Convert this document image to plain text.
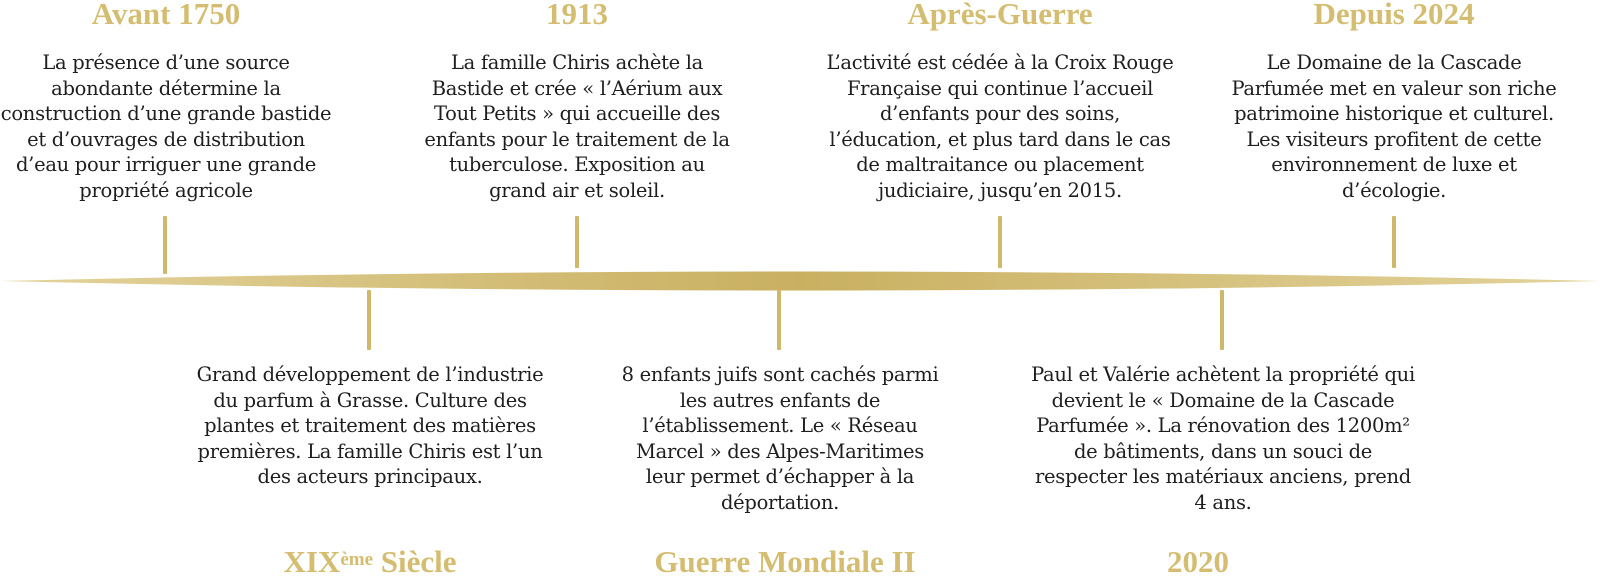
Avant 1750	1913	Après-Guerre	Depuis 2024
La présence d’une source abondante détermine la construction d’une grande bastide et d’ouvrages de distribution d’eau pour irriguer une grande propriété agricole
La famille Chiris achète la Bastide et crée « l’Aérium aux Tout Petits » qui accueille des enfants pour le traitement de la tuberculose. Exposition au grand air et soleil.
L’activité est cédée à la Croix Rouge Française qui continue l’accueil d’enfants pour des soins, l’éducation, et plus tard dans le cas de maltraitance ou placement judiciaire, jusqu’en 2015.
Le Domaine de la Cascade Parfumée met en valeur son riche patrimoine historique et culturel. Les visiteurs profitent de cette environnement de luxe et d’écologie.
Grand développement de l’industrie du parfum à Grasse. Culture des plantes et traitement des matières premières. La famille Chiris est l’un des acteurs principaux.
8 enfants juifs sont cachés parmi les autres enfants de l’établissement. Le « Réseau Marcel » des Alpes-Maritimes leur permet d’échapper à la déportation.
Paul et Valérie achètent la propriété qui devient le « Domaine de la Cascade Parfumée ». La rénovation des 1200m² de bâtiments, dans un souci de respecter les matériaux anciens, prend 4 ans.
XIXème Siècle	Guerre Mondiale II	2020
